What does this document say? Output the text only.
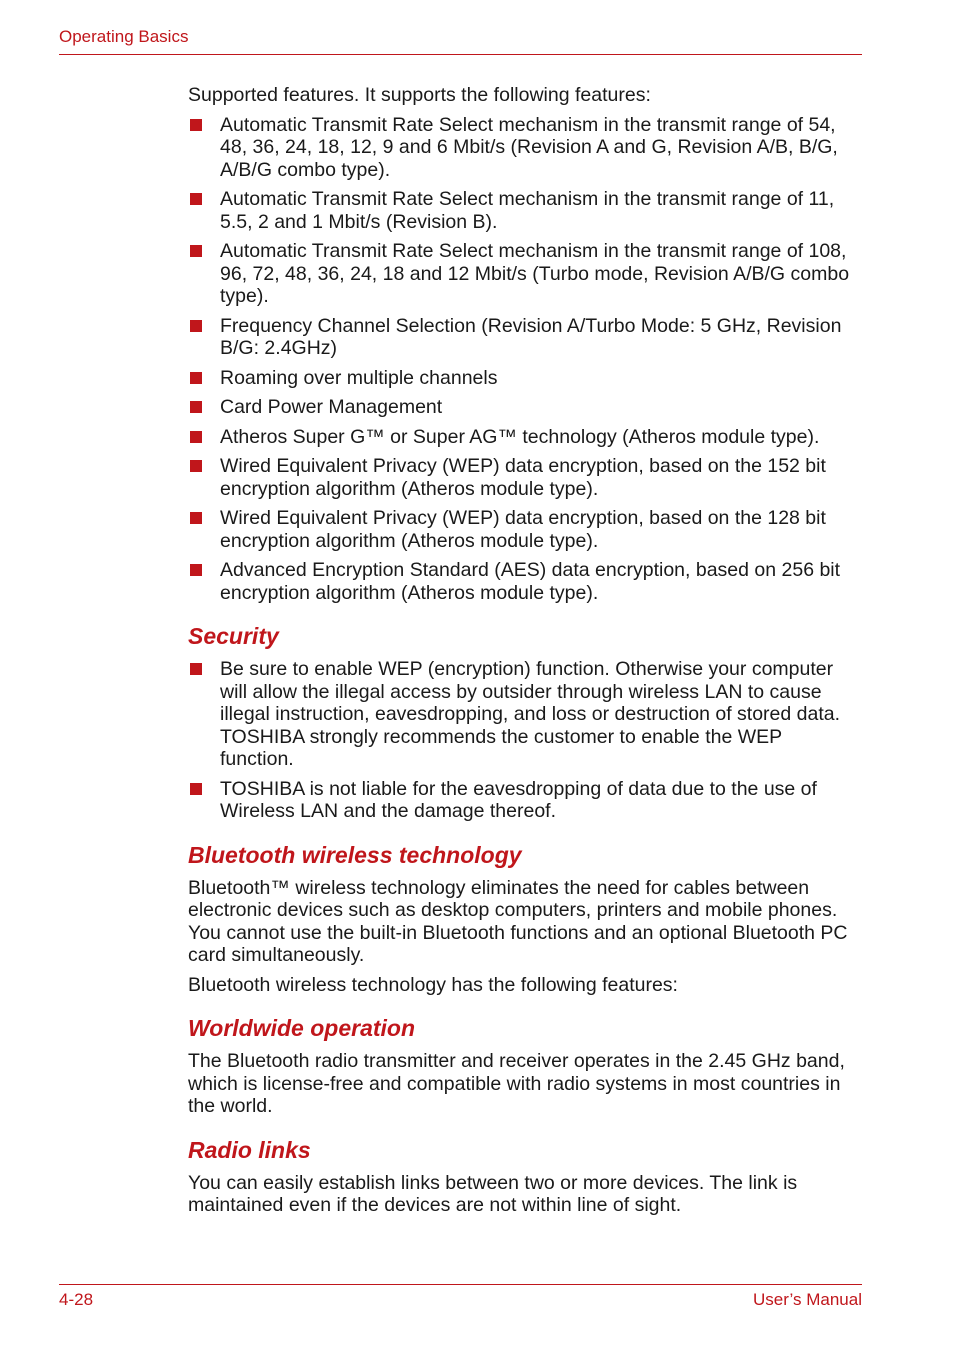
Operating Basics

Supported features. It supports the following features:

Automatic Transmit Rate Select mechanism in the transmit range of 54, 48, 36, 24, 18, 12, 9 and 6 Mbit/s (Revision A and G, Revision A/B, B/G, A/B/G combo type).
Automatic Transmit Rate Select mechanism in the transmit range of 11, 5.5, 2 and 1 Mbit/s (Revision B).
Automatic Transmit Rate Select mechanism in the transmit range of 108, 96, 72, 48, 36, 24, 18 and 12 Mbit/s (Turbo mode, Revision A/B/G combo type).
Frequency Channel Selection (Revision A/Turbo Mode: 5 GHz, Revision B/G: 2.4GHz)
Roaming over multiple channels
Card Power Management
Atheros Super G™ or Super AG™ technology (Atheros module type).
Wired Equivalent Privacy (WEP) data encryption, based on the 152 bit encryption algorithm (Atheros module type).
Wired Equivalent Privacy (WEP) data encryption, based on the 128 bit encryption algorithm (Atheros module type).
Advanced Encryption Standard (AES) data encryption, based on 256 bit encryption algorithm (Atheros module type).
Security
Be sure to enable WEP (encryption) function. Otherwise your computer will allow the illegal access by outsider through wireless LAN to cause illegal instruction, eavesdropping, and loss or destruction of stored data. TOSHIBA strongly recommends the customer to enable the WEP function.
TOSHIBA is not liable for the eavesdropping of data due to the use of Wireless LAN and the damage thereof.
Bluetooth wireless technology

Bluetooth™ wireless technology eliminates the need for cables between electronic devices such as desktop computers, printers and mobile phones. You cannot use the built-in Bluetooth functions and an optional Bluetooth PC card simultaneously.

Bluetooth wireless technology has the following features:

Worldwide operation

The Bluetooth radio transmitter and receiver operates in the 2.45 GHz band, which is license-free and compatible with radio systems in most countries in the world.

Radio links

You can easily establish links between two or more devices. The link is maintained even if the devices are not within line of sight.

4-28	User’s Manual
